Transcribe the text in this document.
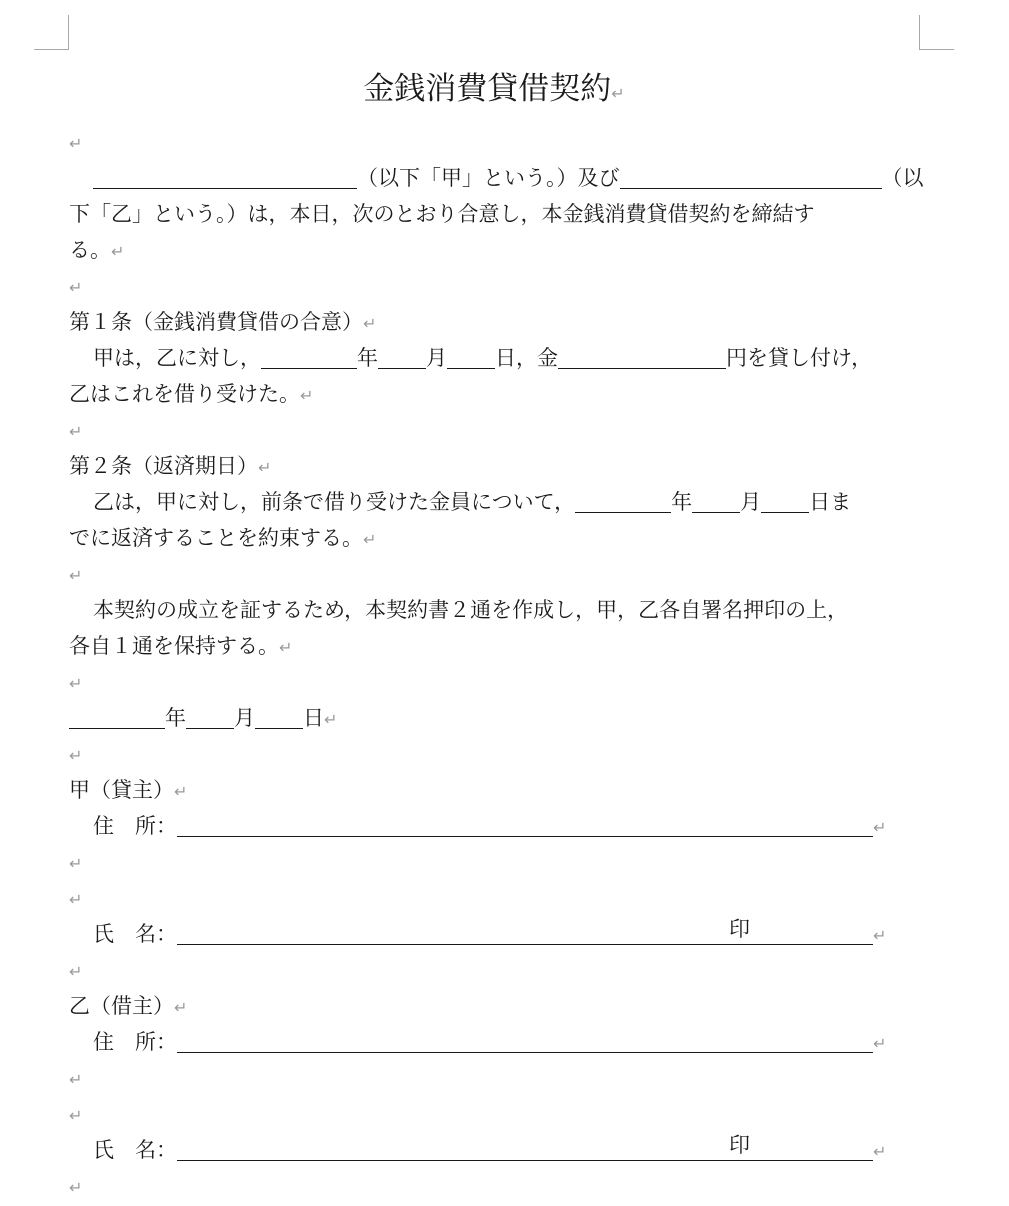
金銭消費貸借契約↵
↵
（以下「甲」という。）及び	（以
下「乙」という。）は，本日，次のとおり合意し，本金銭消費貸借契約を締結す
る。↵
↵
第１条（金銭消費貸借の合意）↵
甲は，乙に対し，	年 月 日，金	円を貸し付け，
乙はこれを借り受けた。↵
↵
第２条（返済期日）↵
乙は，甲に対し，前条で借り受けた金員について，	年 月 日ま
でに返済することを約束する。↵
↵
本契約の成立を証するため，本契約書２通を作成し，甲，乙各自署名押印の上，
各自１通を保持する。↵
↵
年 月 日↵
↵
甲（貸主）↵
住　所：	↵
↵
↵
氏　名：	印	↵
↵
乙（借主）↵
住　所：	↵
↵
↵
氏　名：	印	↵
↵
